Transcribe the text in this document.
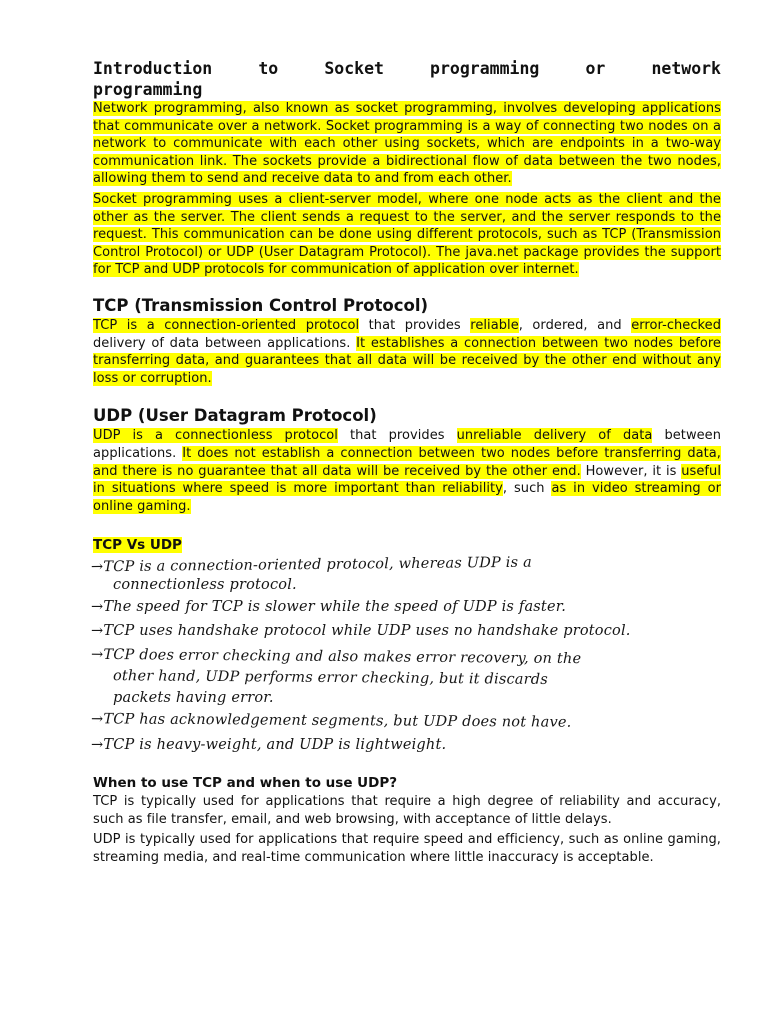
Introduction to Socket programming or network
programming

Network programming, also known as socket programming, involves developing applications that communicate over a network. Socket programming is a way of connecting two nodes on a network to communicate with each other using sockets, which are endpoints in a two-way communication link. The sockets provide a bidirectional flow of data between the two nodes, allowing them to send and receive data to and from each other.

Socket programming uses a client-server model, where one node acts as the client and the other as the server. The client sends a request to the server, and the server responds to the request. This communication can be done using different protocols, such as TCP (Transmission Control Protocol) or UDP (User Datagram Protocol). The java.net package provides the support for TCP and UDP protocols for communication of application over internet.

TCP (Transmission Control Protocol)

TCP is a connection-oriented protocol that provides reliable, ordered, and error-checked delivery of data between applications. It establishes a connection between two nodes before transferring data, and guarantees that all data will be received by the other end without any loss or corruption.

UDP (User Datagram Protocol)

UDP is a connectionless protocol that provides unreliable delivery of data between applications. It does not establish a connection between two nodes before transferring data, and there is no guarantee that all data will be received by the other end. However, it is useful in situations where speed is more important than reliability, such as in video streaming or online gaming.

TCP Vs UDP
→TCP is a connection-oriented protocol, whereas UDP is a
connectionless protocol.
→The speed for TCP is slower while the speed of UDP is faster.
→TCP uses handshake protocol while UDP uses no handshake protocol.
→TCP does error checking and also makes error recovery, on the
other hand, UDP performs error checking, but it discards
packets having error.
→TCP has acknowledgement segments, but UDP does not have.
→TCP is heavy-weight, and UDP is lightweight.
When to use TCP and when to use UDP?

TCP is typically used for applications that require a high degree of reliability and accuracy, such as file transfer, email, and web browsing, with acceptance of little delays.

UDP is typically used for applications that require speed and efficiency, such as online gaming, streaming media, and real-time communication where little inaccuracy is acceptable.
